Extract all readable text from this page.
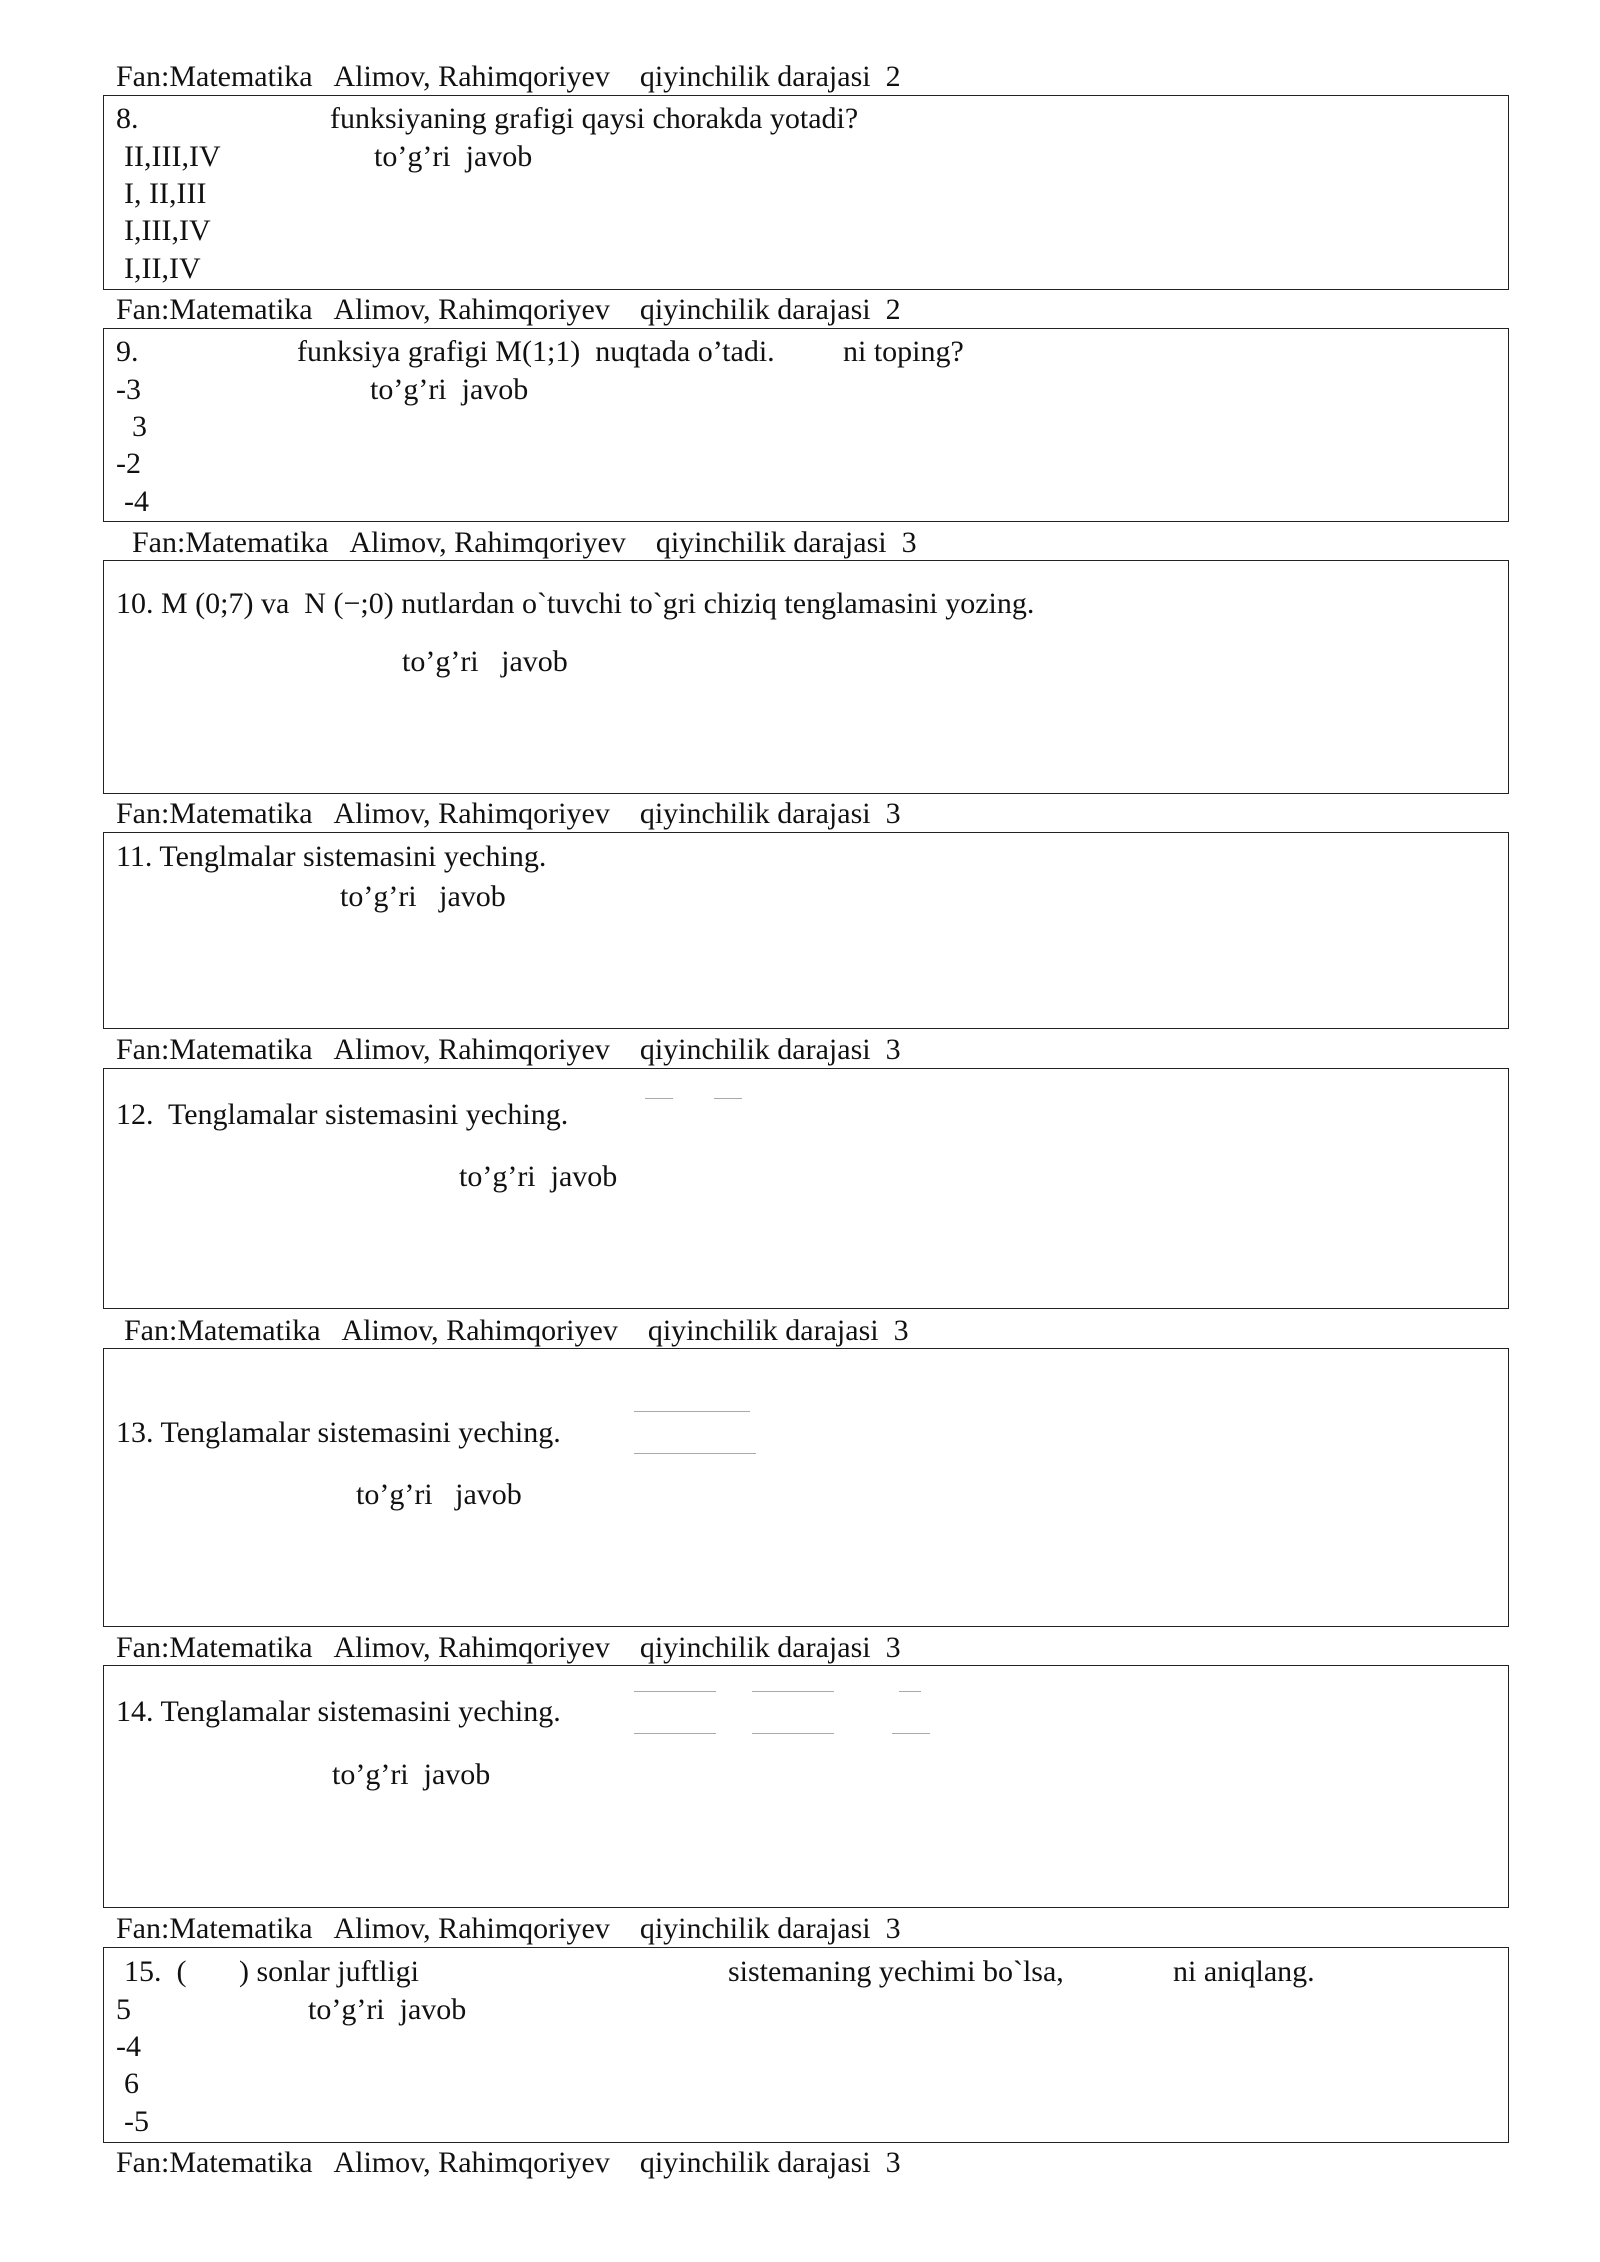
Fan:Matematika   Alimov, Rahimqoriyev    qiyinchilik darajasi  2
8.	funksiyaning grafigi qaysi chorakda yotadi?
II,III,IV	to’g’ri  javob
I, II,III
I,III,IV
I,II,IV
Fan:Matematika   Alimov, Rahimqoriyev    qiyinchilik darajasi  2
9.	funksiya grafigi M(1;1)  nuqtada o’tadi. ni toping?
-3	to’g’ri  javob
3
-2
-4
Fan:Matematika   Alimov, Rahimqoriyev    qiyinchilik darajasi  3
10. M (0;7) va  N (−;0) nutlardan o`tuvchi to`gri chiziq tenglamasini yozing.
to’g’ri   javob
Fan:Matematika   Alimov, Rahimqoriyev    qiyinchilik darajasi  3
11. Tenglmalar sistemasini yeching.
to’g’ri   javob
Fan:Matematika   Alimov, Rahimqoriyev    qiyinchilik darajasi  3
12.  Tenglamalar sistemasini yeching.
to’g’ri  javob
Fan:Matematika   Alimov, Rahimqoriyev    qiyinchilik darajasi  3
13. Tenglamalar sistemasini yeching.
to’g’ri   javob
Fan:Matematika   Alimov, Rahimqoriyev    qiyinchilik darajasi  3
14. Tenglamalar sistemasini yeching.
to’g’ri  javob
Fan:Matematika   Alimov, Rahimqoriyev    qiyinchilik darajasi  3
15.  (       ) sonlar juftligi	sistemaning yechimi bo`lsa,	ni aniqlang.
5	to’g’ri  javob
-4
6
-5
Fan:Matematika   Alimov, Rahimqoriyev    qiyinchilik darajasi  3
